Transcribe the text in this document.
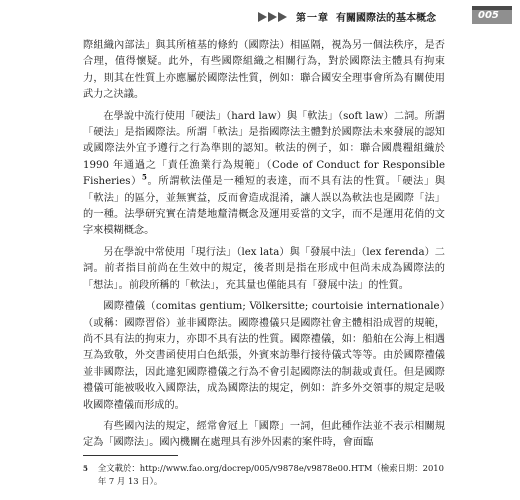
第一章 有關國際法的基本概念	005

際組織內部法」與其所植基的條約（國際法）相區隔，視為另一個法秩序，是否合理，值得懷疑。此外，有些國際組織之相關行為，對於國際法主體具有拘束力，則其在性質上亦應屬於國際法性質，例如：聯合國安全理事會所為有關使用武力之決議。

在學說中流行使用「硬法」（hard law）與「軟法」（soft law）二詞。所謂「硬法」是指國際法。所謂「軟法」是指國際法主體對於國際法未來發展的認知或國際法外宜予遵行之行為準則的認知。軟法的例子，如：聯合國農糧組織於 1990 年通過之「責任漁業行為規範」（Code of Conduct for Responsible Fisheries）$^5$。所謂軟法僅是一種短的表達，而不具有法的性質。「硬法」與「軟法」的區分，並無實益，反而會造成混淆，讓人誤以為軟法也是國際「法」的一種。法學研究實在清楚地釐清概念及運用妥當的文字，而不是運用花俏的文字來模糊概念。

另在學說中常使用「現行法」（lex lata）與「發展中法」（lex ferenda）二詞。前者指目前尚在生效中的規定，後者則是指在形成中但尚未成為國際法的「想法」。前段所稱的「軟法」，充其量也僅能具有「發展中法」的性質。

國際禮儀（comitas gentium; Völkersitte; courtoisie internationale）（或稱：國際習俗）並非國際法。國際禮儀只是國際社會主體相沿成習的規範，尚不具有法的拘束力，亦即不具有法的性質。國際禮儀，如：船舶在公海上相遇互為致敬，外交書函使用白色紙張，外賓來訪舉行接待儀式等等。由於國際禮儀並非國際法，因此違犯國際禮儀之行為不會引起國際法的制裁或責任。但是國際禮儀可能被吸收入國際法，成為國際法的規定，例如：許多外交領事的規定是吸收國際禮儀而形成的。

有些國內法的規定，經常會冠上「國際」一詞，但此種作法並不表示相關規定為「國際法」。國內機關在處理具有涉外因素的案件時，會面臨

5 全文載於：http://www.fao.org/docrep/005/v9878e/v9878e00.HTM（檢索日期：2010 年 7 月 13 日）。
